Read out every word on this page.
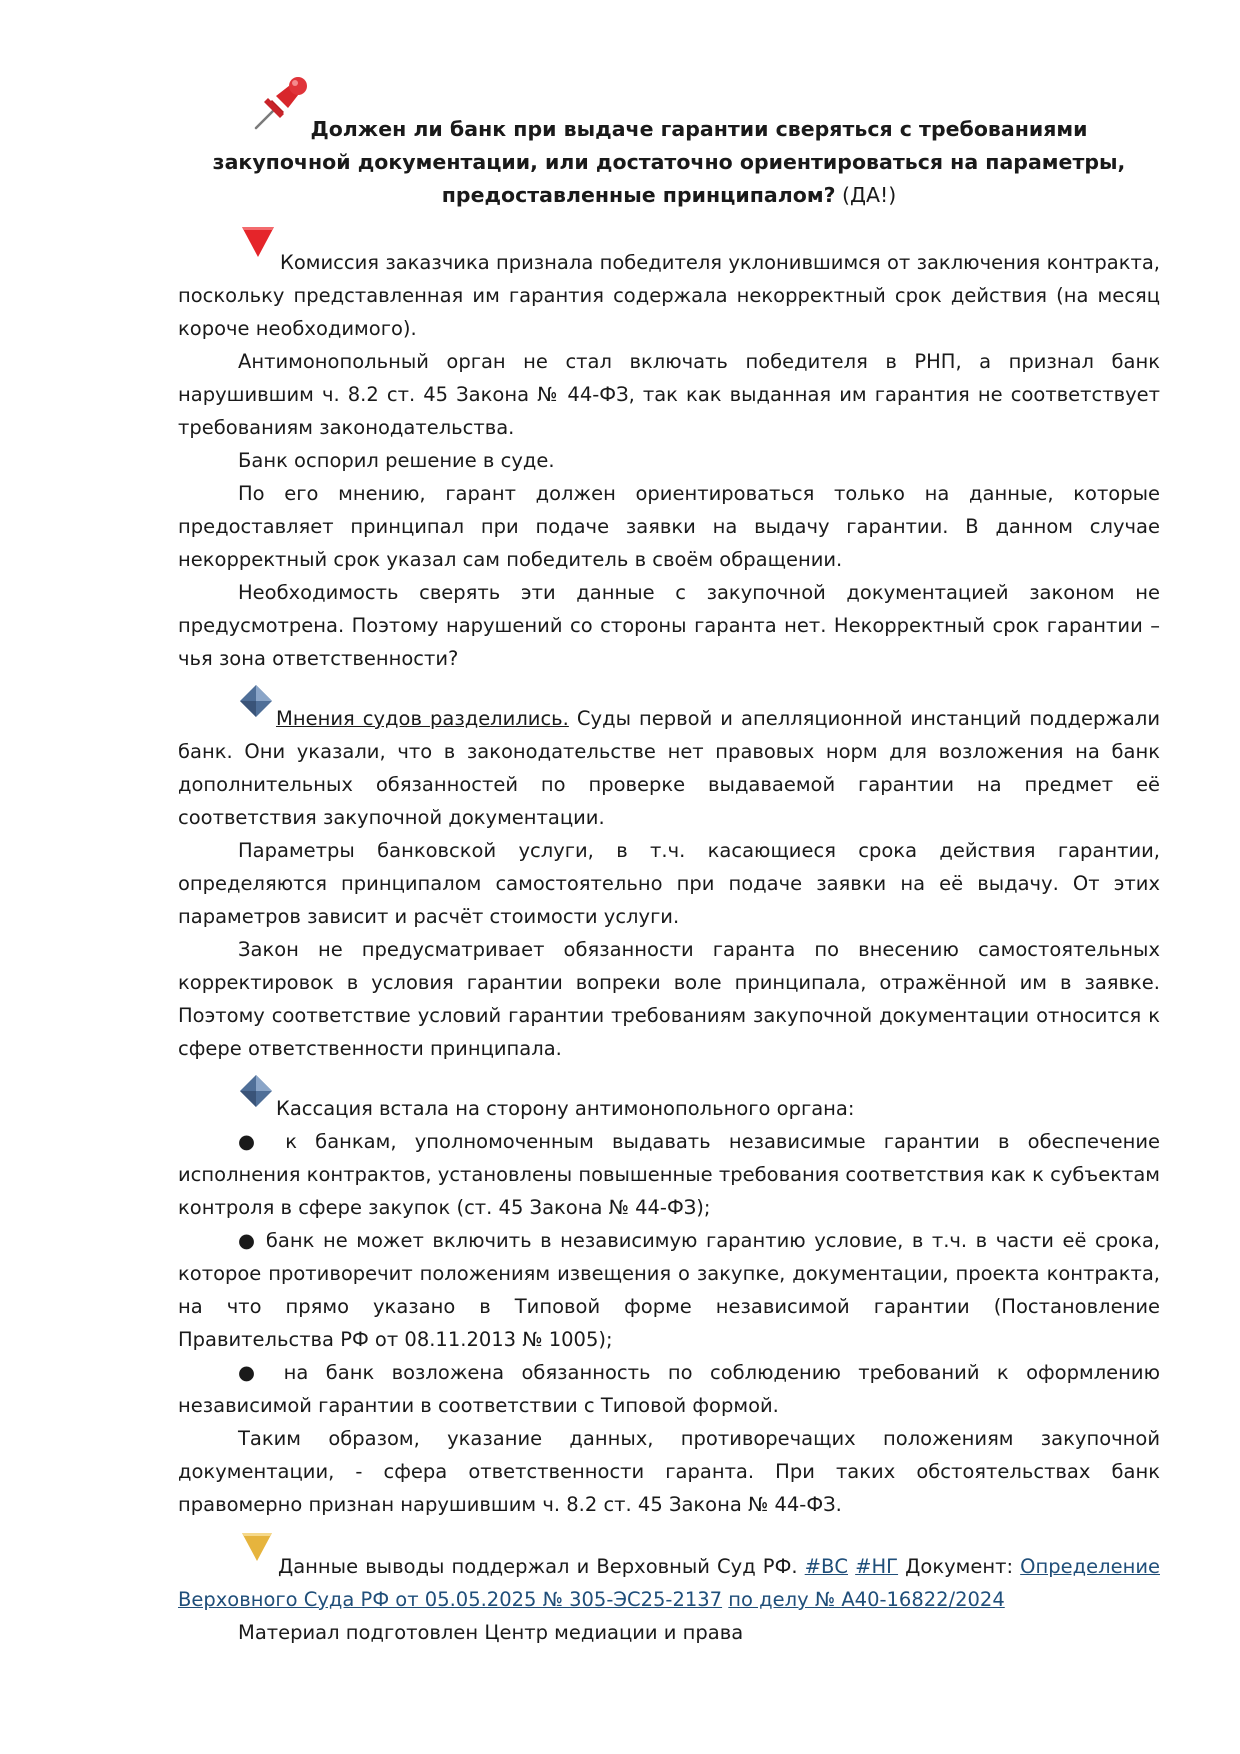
Должен ли банк при выдаче гарантии сверяться с требованиями закупочной документации, или достаточно ориентироваться на параметры, предоставленные принципалом? (ДА!)

Комиссия заказчика признала победителя уклонившимся от заключения контракта, поскольку представленная им гарантия содержала некорректный срок действия (на месяц короче необходимого).

Антимонопольный орган не стал включать победителя в РНП, а признал банк нарушившим ч. 8.2 ст. 45 Закона № 44-ФЗ, так как выданная им гарантия не соответствует требованиям законодательства.

Банк оспорил решение в суде.

По его мнению, гарант должен ориентироваться только на данные, которые предоставляет принципал при подаче заявки на выдачу гарантии. В данном случае некорректный срок указал сам победитель в своём обращении.

Необходимость сверять эти данные с закупочной документацией законом не предусмотрена. Поэтому нарушений со стороны гаранта нет. Некорректный срок гарантии – чья зона ответственности?

Мнения судов разделились. Суды первой и апелляционной инстанций поддержали банк. Они указали, что в законодательстве нет правовых норм для возложения на банк дополнительных обязанностей по проверке выдаваемой гарантии на предмет её соответствия закупочной документации.

Параметры банковской услуги, в т.ч. касающиеся срока действия гарантии, определяются принципалом самостоятельно при подаче заявки на её выдачу. От этих параметров зависит и расчёт стоимости услуги.

Закон не предусматривает обязанности гаранта по внесению самостоятельных корректировок в условия гарантии вопреки воле принципала, отражённой им в заявке. Поэтому соответствие условий гарантии требованиям закупочной документации относится к сфере ответственности принципала.

Кассация встала на сторону антимонопольного органа:

● к банкам, уполномоченным выдавать независимые гарантии в обеспечение исполнения контрактов, установлены повышенные требования соответствия как к субъектам контроля в сфере закупок (ст. 45 Закона № 44-ФЗ);

● банк не может включить в независимую гарантию условие, в т.ч. в части её срока, которое противоречит положениям извещения о закупке, документации, проекта контракта, на что прямо указано в Типовой форме независимой гарантии (Постановление Правительства РФ от 08.11.2013 № 1005);

● на банк возложена обязанность по соблюдению требований к оформлению независимой гарантии в соответствии с Типовой формой.

Таким образом, указание данных, противоречащих положениям закупочной документации, - сфера ответственности гаранта. При таких обстоятельствах банк правомерно признан нарушившим ч. 8.2 ст. 45 Закона № 44-ФЗ.

Данные выводы поддержал и Верховный Суд РФ. #ВС #НГ Документ: Определение Верховного Суда РФ от 05.05.2025 № 305-ЭС25-2137 по делу № А40-16822/2024

Материал подготовлен Центр медиации и права
